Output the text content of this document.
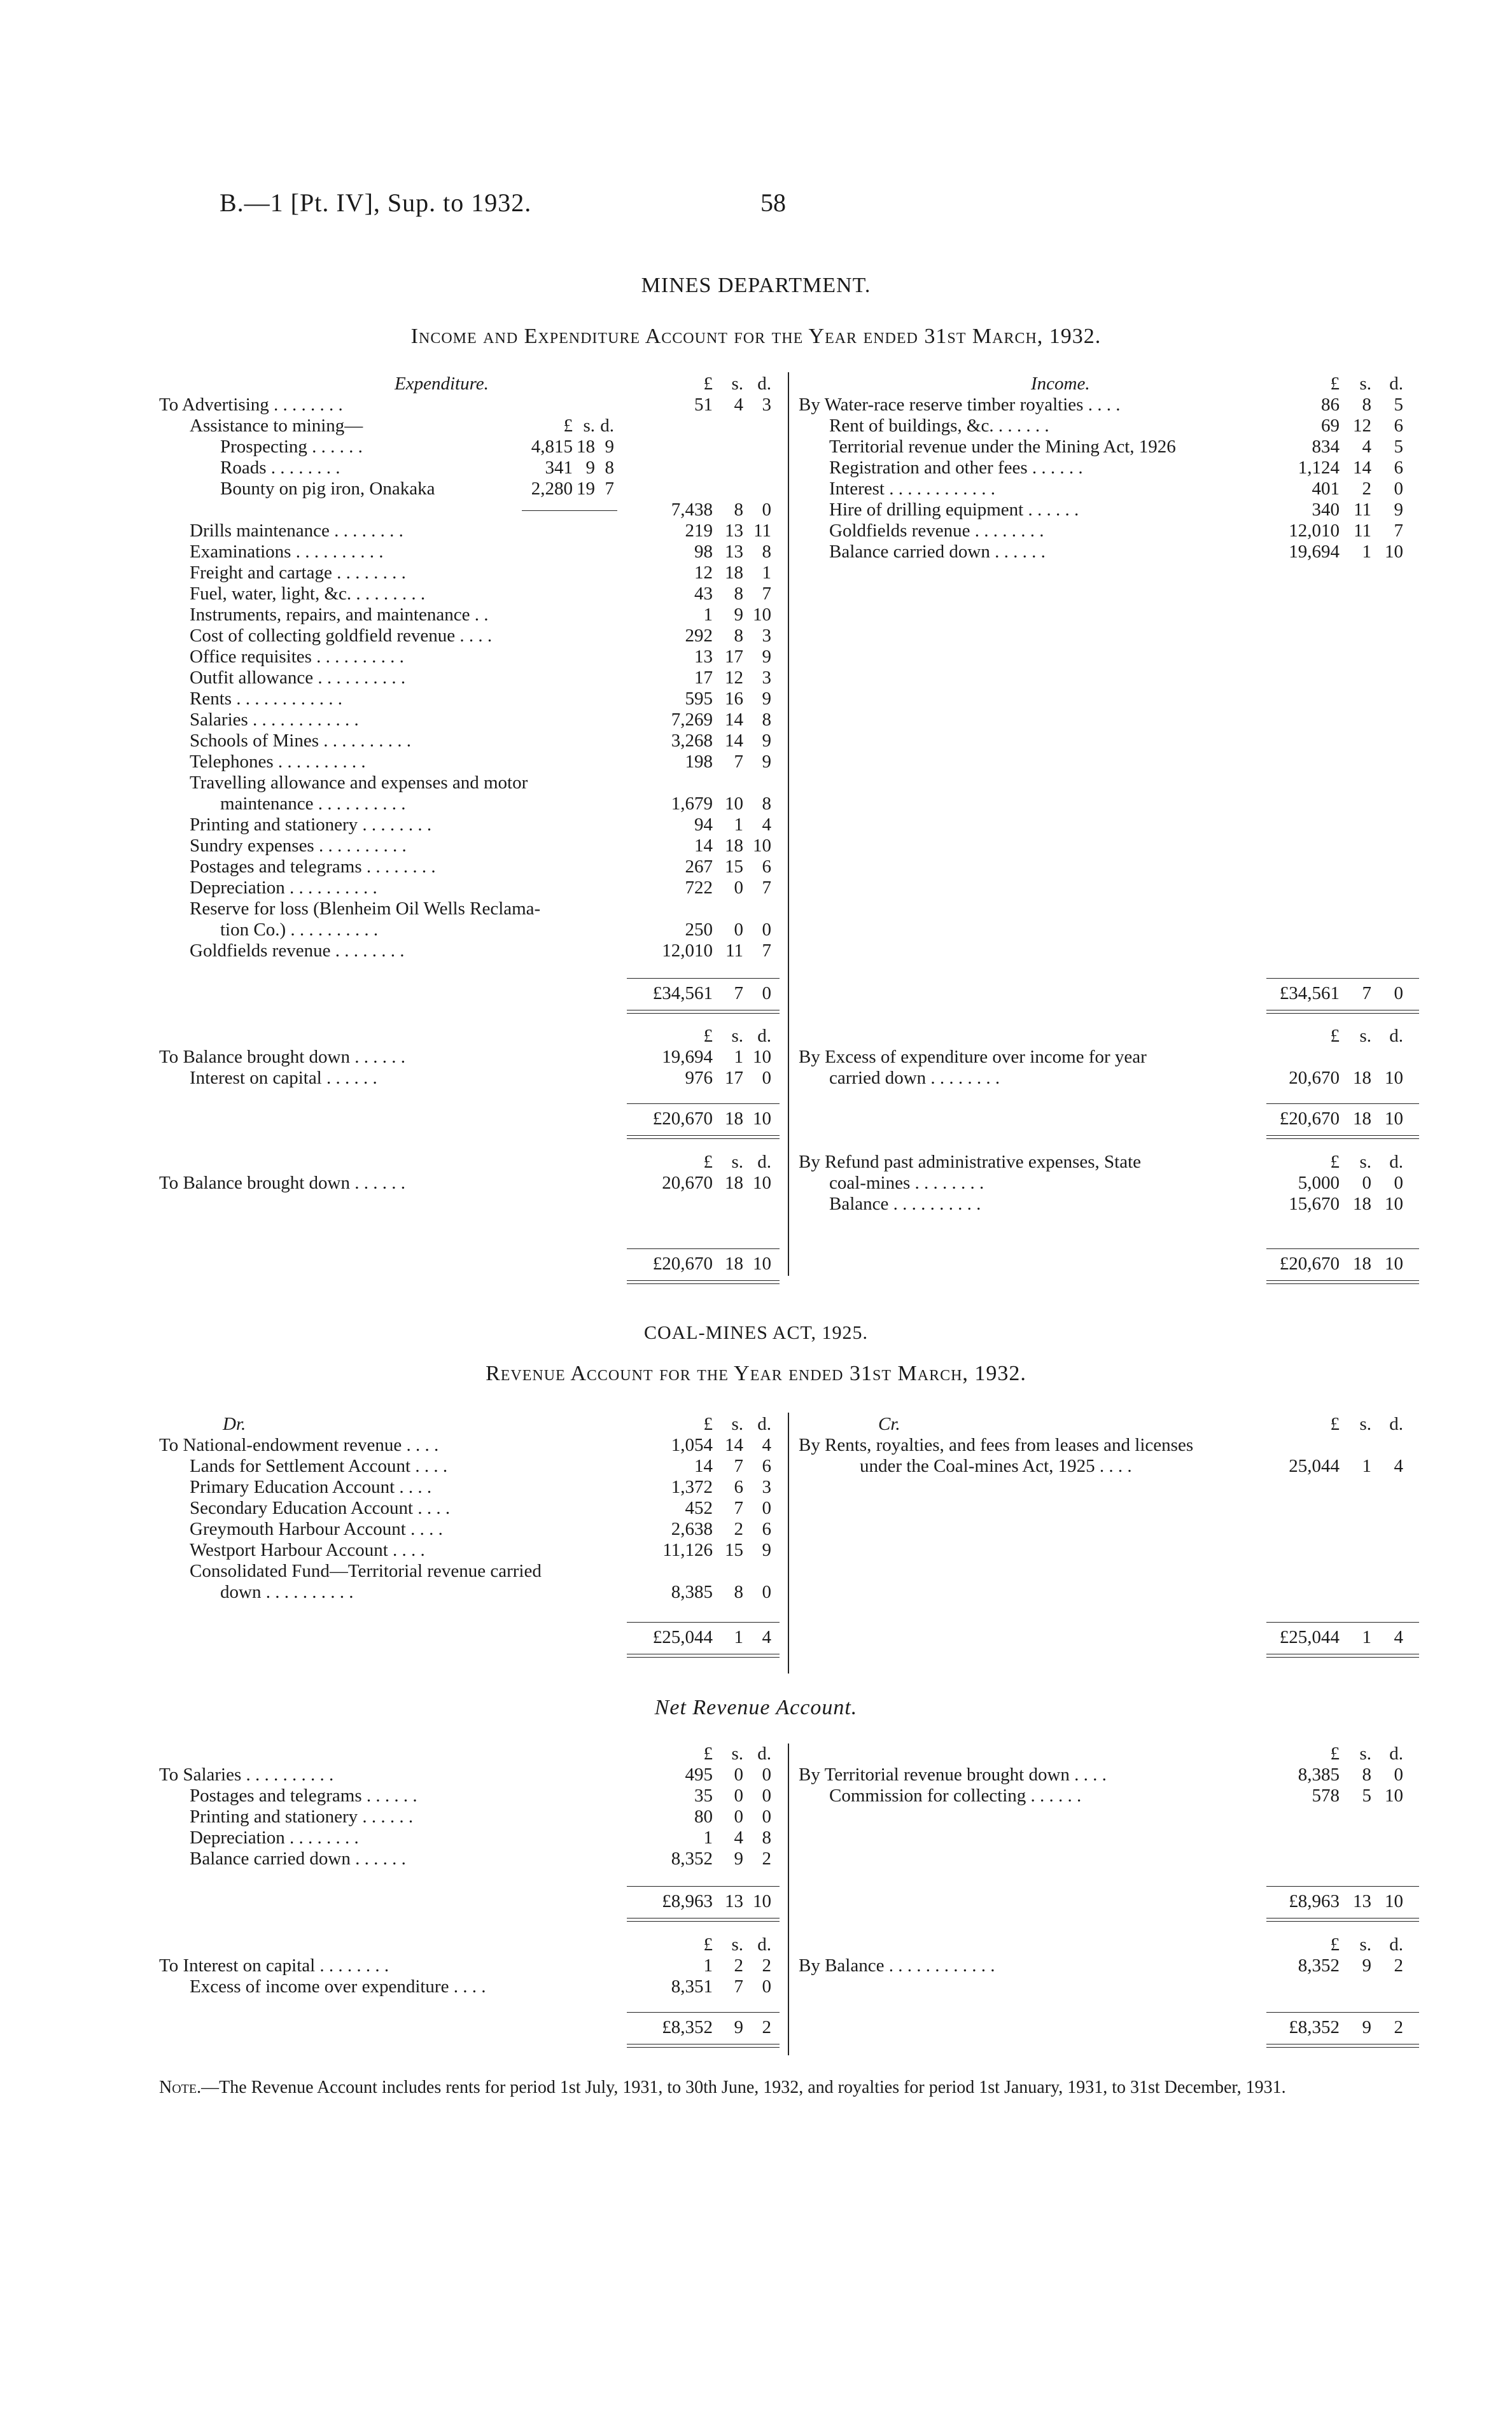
B.—1 [Pt. IV], Sup. to 1932.	58
MINES DEPARTMENT.
Income and Expenditure Account for the Year ended 31st March, 1932.
COAL-MINES ACT, 1925.
Revenue Account for the Year ended 31st March, 1932.
Net Revenue Account.
Note.—The Revenue Account includes rents for period 1st July, 1931, to 30th June, 1932, and royalties for period 1st January, 1931, to 31st December, 1931.
Expenditure.	Income.
£	s. d.	£	s. d.
To Advertising . . . . . . . .	51	4	3
Assistance to mining—	£ s. d.
Prospecting . . . . . .	4,815 18 9
Roads . . . . . . . .	341 9 8
Bounty on pig iron, Onakaka	2,280 19 7
7,438	8	0
Drills maintenance . . . . . . . .	219 13 11
Examinations . . . . . . . . . .	98 13	8
Freight and cartage . . . . . . . .	12 18	1
Fuel, water, light, &c. . . . . . . . .	43	8	7
Instruments, repairs, and maintenance . .	1	9 10
Cost of collecting goldfield revenue . . . .	292	8	3
Office requisites . . . . . . . . . .	13 17	9
Outfit allowance . . . . . . . . . .	17 12	3
Rents . . . . . . . . . . . .	595 16	9
Salaries . . . . . . . . . . . .	7,269 14	8
Schools of Mines . . . . . . . . . .	3,268 14	9
Telephones . . . . . . . . . .	198	7	9
Travelling allowance and expenses and motor
maintenance . . . . . . . . . .	1,679 10	8
Printing and stationery . . . . . . . .	94	1	4
Sundry expenses . . . . . . . . . .	14 18 10
Postages and telegrams . . . . . . . .	267 15	6
Depreciation . . . . . . . . . .	722	0	7
Reserve for loss (Blenheim Oil Wells Reclama-
tion Co.) . . . . . . . . . .	250	0	0
Goldfields revenue . . . . . . . .	12,010 11	7
By Water-race reserve timber royalties . . . .	86	8	5
Rent of buildings, &c. . . . . . .	69 12	6
Territorial revenue under the Mining Act, 1926	834	4	5
Registration and other fees . . . . . .	1,124 14	6
Interest . . . . . . . . . . . .	401	2	0
Hire of drilling equipment . . . . . .	340 11	9
Goldfields revenue . . . . . . . .	12,010 11	7
Balance carried down . . . . . .	19,694	1 10
£34,561	7	0	£34,561	7	0
£	s. d.	£	s. d.
To Balance brought down . . . . . .	19,694	1 10
Interest on capital . . . . . .	976 17	0
By Excess of expenditure over income for year
carried down . . . . . . . .	20,670 18 10
£20,670 18 10	£20,670 18 10
£	s. d.	£	s. d.
To Balance brought down . . . . . .	20,670 18 10
By Refund past administrative expenses, State
coal-mines . . . . . . . .	5,000	0	0
Balance . . . . . . . . . .	15,670 18 10
£20,670 18 10	£20,670 18 10
Dr.	Cr.
£	s. d.	£	s. d.
To National-endowment revenue . . . .	1,054 14	4
Lands for Settlement Account . . . .	14	7	6
Primary Education Account . . . .	1,372	6	3
Secondary Education Account . . . .	452	7	0
Greymouth Harbour Account . . . .	2,638	2	6
Westport Harbour Account . . . .	11,126 15	9
Consolidated Fund—Territorial revenue carried
down . . . . . . . . . .	8,385	8	0
By Rents, royalties, and fees from leases and licenses
under the Coal-mines Act, 1925 . . . .	25,044	1	4
£25,044	1	4	£25,044	1	4
£	s. d.	£	s. d.
To Salaries . . . . . . . . . .	495	0	0
Postages and telegrams . . . . . .	35	0	0
Printing and stationery . . . . . .	80	0	0
Depreciation . . . . . . . .	1	4	8
Balance carried down . . . . . .	8,352	9	2
By Territorial revenue brought down . . . .	8,385	8	0
Commission for collecting . . . . . .	578	5 10
£8,963 13 10	£8,963 13 10
£	s. d.	£	s. d.
To Interest on capital . . . . . . . .	1	2	2
Excess of income over expenditure . . . .	8,351	7	0
By Balance . . . . . . . . . . . .	8,352	9	2
£8,352	9	2	£8,352	9	2
